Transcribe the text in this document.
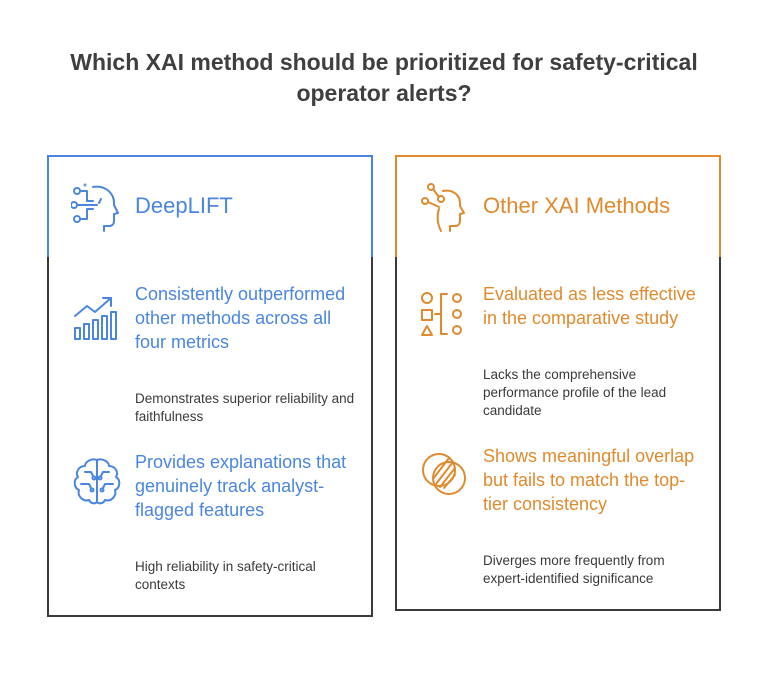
Which XAI method should be prioritized for safety-critical
operator alerts?
DeepLIFT
Consistently outperformed other methods across all four metrics
Demonstrates superior reliability and faithfulness
Provides explanations that genuinely track analyst-flagged features
High reliability in safety-critical contexts
Other XAI Methods
Evaluated as less effective in the comparative study
Lacks the comprehensive performance profile of the lead candidate
Shows meaningful overlap but fails to match the top-tier consistency
Diverges more frequently from expert-identified significance
